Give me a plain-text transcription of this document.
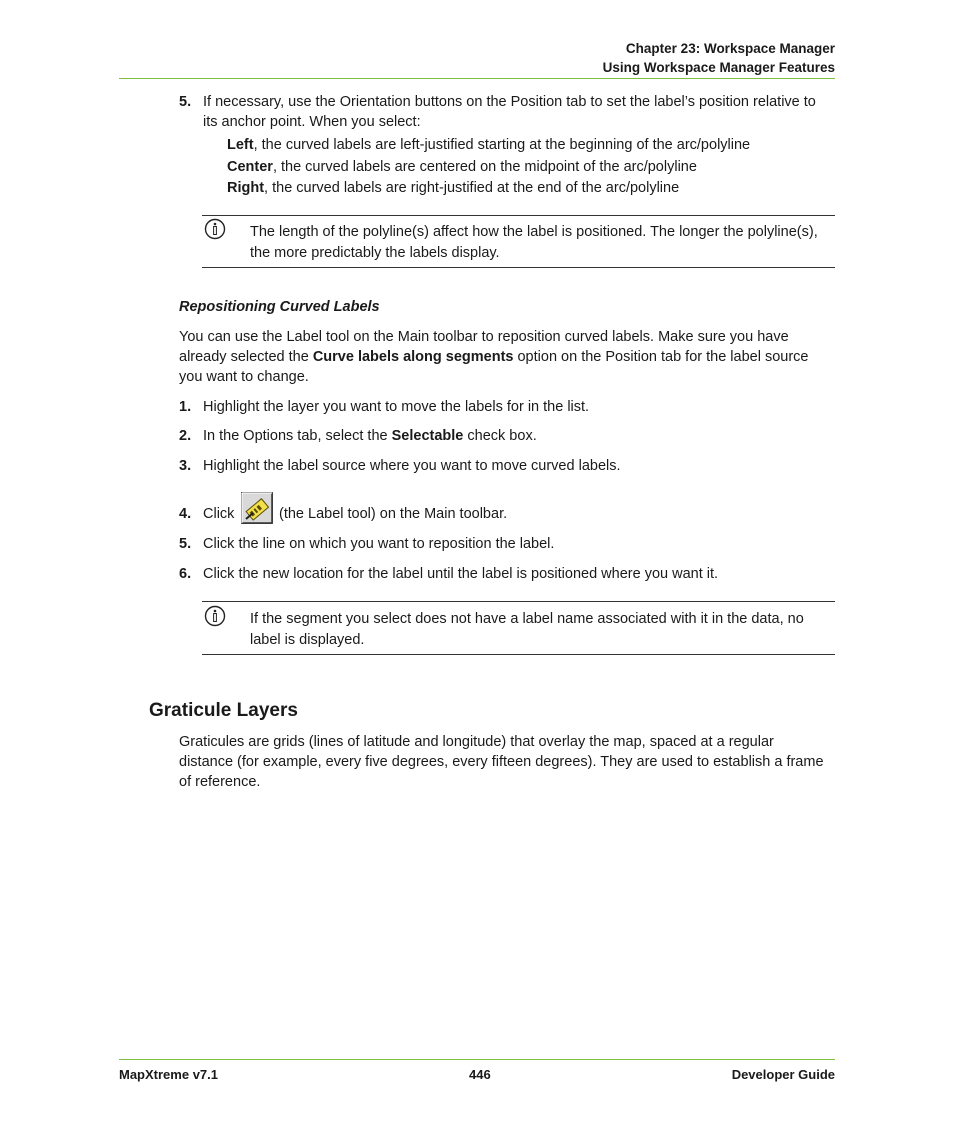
Chapter 23: Workspace Manager
Using Workspace Manager Features
5. If necessary, use the Orientation buttons on the Position tab to set the label’s position relative to
its anchor point. When you select:
Left, the curved labels are left-justified starting at the beginning of the arc/polyline
Center, the curved labels are centered on the midpoint of the arc/polyline
Right, the curved labels are right-justified at the end of the arc/polyline
The length of the polyline(s) affect how the label is positioned. The longer the polyline(s),
the more predictably the labels display.
Repositioning Curved Labels
You can use the Label tool on the Main toolbar to reposition curved labels. Make sure you have
already selected the Curve labels along segments option on the Position tab for the label source
you want to change.
1. Highlight the layer you want to move the labels for in the list.
2. In the Options tab, select the Selectable check box.
3. Highlight the label source where you want to move curved labels.
4. Click	(the Label tool) on the Main toolbar.
5. Click the line on which you want to reposition the label.
6. Click the new location for the label until the label is positioned where you want it.
If the segment you select does not have a label name associated with it in the data, no
label is displayed.
Graticule Layers
Graticules are grids (lines of latitude and longitude) that overlay the map, spaced at a regular
distance (for example, every five degrees, every fifteen degrees). They are used to establish a frame
of reference.
MapXtreme v7.1	446	Developer Guide
